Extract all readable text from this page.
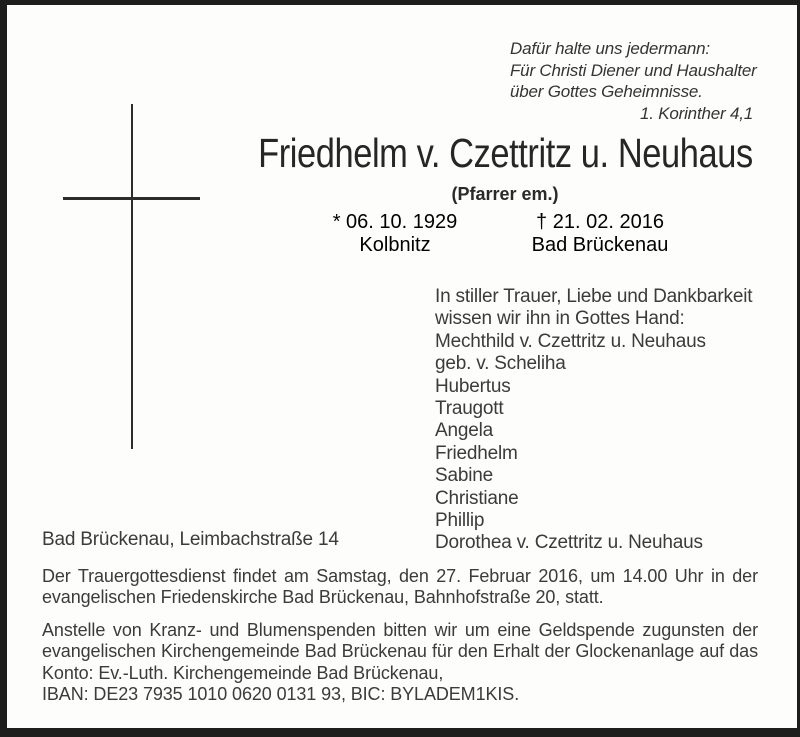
Dafür halte uns jedermann:
Für Christi Diener und Haushalter
über Gottes Geheimnisse.
1. Korinther 4,1
Friedhelm v. Czettritz u. Neuhaus
(Pfarrer em.)
* 06. 10. 1929
Kolbnitz
† 21. 02. 2016
Bad Brückenau
In stiller Trauer, Liebe und Dankbarkeit
wissen wir ihn in Gottes Hand:
Mechthild v. Czettritz u. Neuhaus
geb. v. Scheliha
Hubertus
Traugott
Angela
Friedhelm
Sabine
Christiane
Phillip
Dorothea v. Czettritz u. Neuhaus
Bad Brückenau, Leimbachstraße 14
Der Trauergottesdienst findet am Samstag, den 27. Februar 2016, um 14.00 Uhr in der evangelischen Friedenskirche Bad Brückenau, Bahnhofstraße 20, statt.
Anstelle von Kranz- und Blumenspenden bitten wir um eine Geldspende zugunsten der evangelischen Kirchengemeinde Bad Brückenau für den Erhalt der Glockenanlage auf das Konto: Ev.-Luth. Kirchengemeinde Bad Brückenau,
IBAN: DE23 7935 1010 0620 0131 93, BIC: BYLADEM1KIS.
